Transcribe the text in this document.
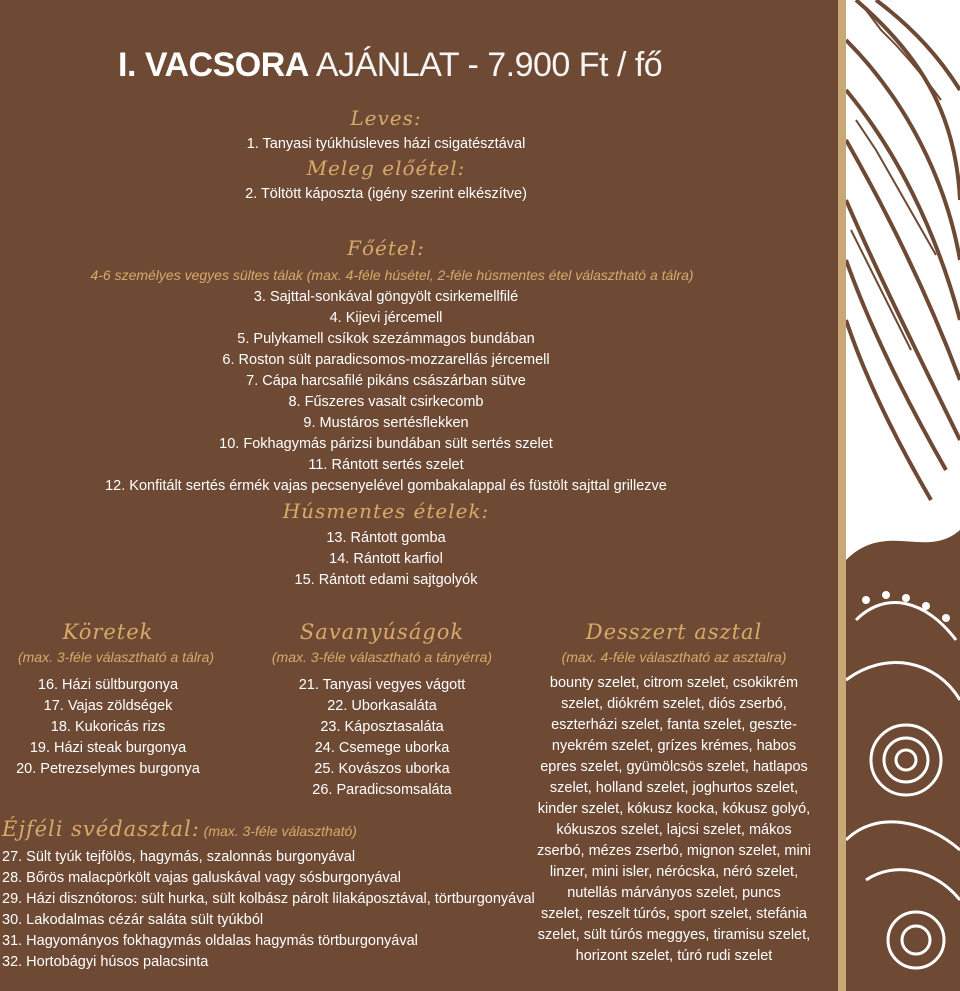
I. VACSORA AJÁNLAT - 7.900 Ft / fő
Leves:
1. Tanyasi tyúkhúsleves házi csigatésztával
Meleg előétel:
2. Töltött káposzta (igény szerint elkészítve)
Főétel:
4-6 személyes vegyes sültes tálak (max. 4-féle húsétel, 2-féle húsmentes étel választható a tálra)
3. Sajttal-sonkával göngyölt csirkemellfilé
4. Kijevi jércemell
5. Pulykamell csíkok szezámmagos bundában
6. Roston sült paradicsomos-mozzarellás jércemell
7. Cápa harcsafilé pikáns császárban sütve
8. Fűszeres vasalt csirkecomb
9. Mustáros sertésflekken
10. Fokhagymás párizsi bundában sült sertés szelet
11. Rántott sertés szelet
12. Konfitált sertés érmék vajas pecsenyelével gombakalappal és füstölt sajttal grillezve
Húsmentes ételek:
13. Rántott gomba
14. Rántott karfiol
15. Rántott edami sajtgolyók
Köretek
(max. 3-féle választható a tálra)
16. Házi sültburgonya
17. Vajas zöldségek
18. Kukoricás rizs
19. Házi steak burgonya
20. Petrezselymes burgonya
Savanyúságok
(max. 3-féle választható a tányérra)
21. Tanyasi vegyes vágott
22. Uborkasaláta
23. Káposztasaláta
24. Csemege uborka
25. Kovászos uborka
26. Paradicsomsaláta
Desszert asztal
(max. 4-féle választható az asztalra)
bounty szelet, citrom szelet, csokikrém
szelet, diókrém szelet, diós zserbó,
eszterházi szelet, fanta szelet, geszte-
nyekrém szelet, grízes krémes, habos
epres szelet, gyümölcsös szelet, hatlapos
szelet, holland szelet, joghurtos szelet,
kinder szelet, kókusz kocka, kókusz golyó,
kókuszos szelet, lajcsi szelet, mákos
zserbó, mézes zserbó, mignon szelet, mini
linzer, mini isler, nérócska, néró szelet,
nutellás márványos szelet, puncs
szelet, reszelt túrós, sport szelet, stefánia
szelet, sült túrós meggyes, tiramisu szelet,
horizont szelet, túró rudi szelet
Éjféli svédasztal: (max. 3-féle választható)
27. Sült tyúk tejfölös, hagymás, szalonnás burgonyával
28. Bőrös malacpörkölt vajas galuskával vagy sósburgonyával
29. Házi disznótoros: sült hurka, sült kolbász párolt lilakáposztával, törtburgonyával
30. Lakodalmas cézár saláta sült tyúkból
31. Hagyományos fokhagymás oldalas hagymás törtburgonyával
32. Hortobágyi húsos palacsinta
